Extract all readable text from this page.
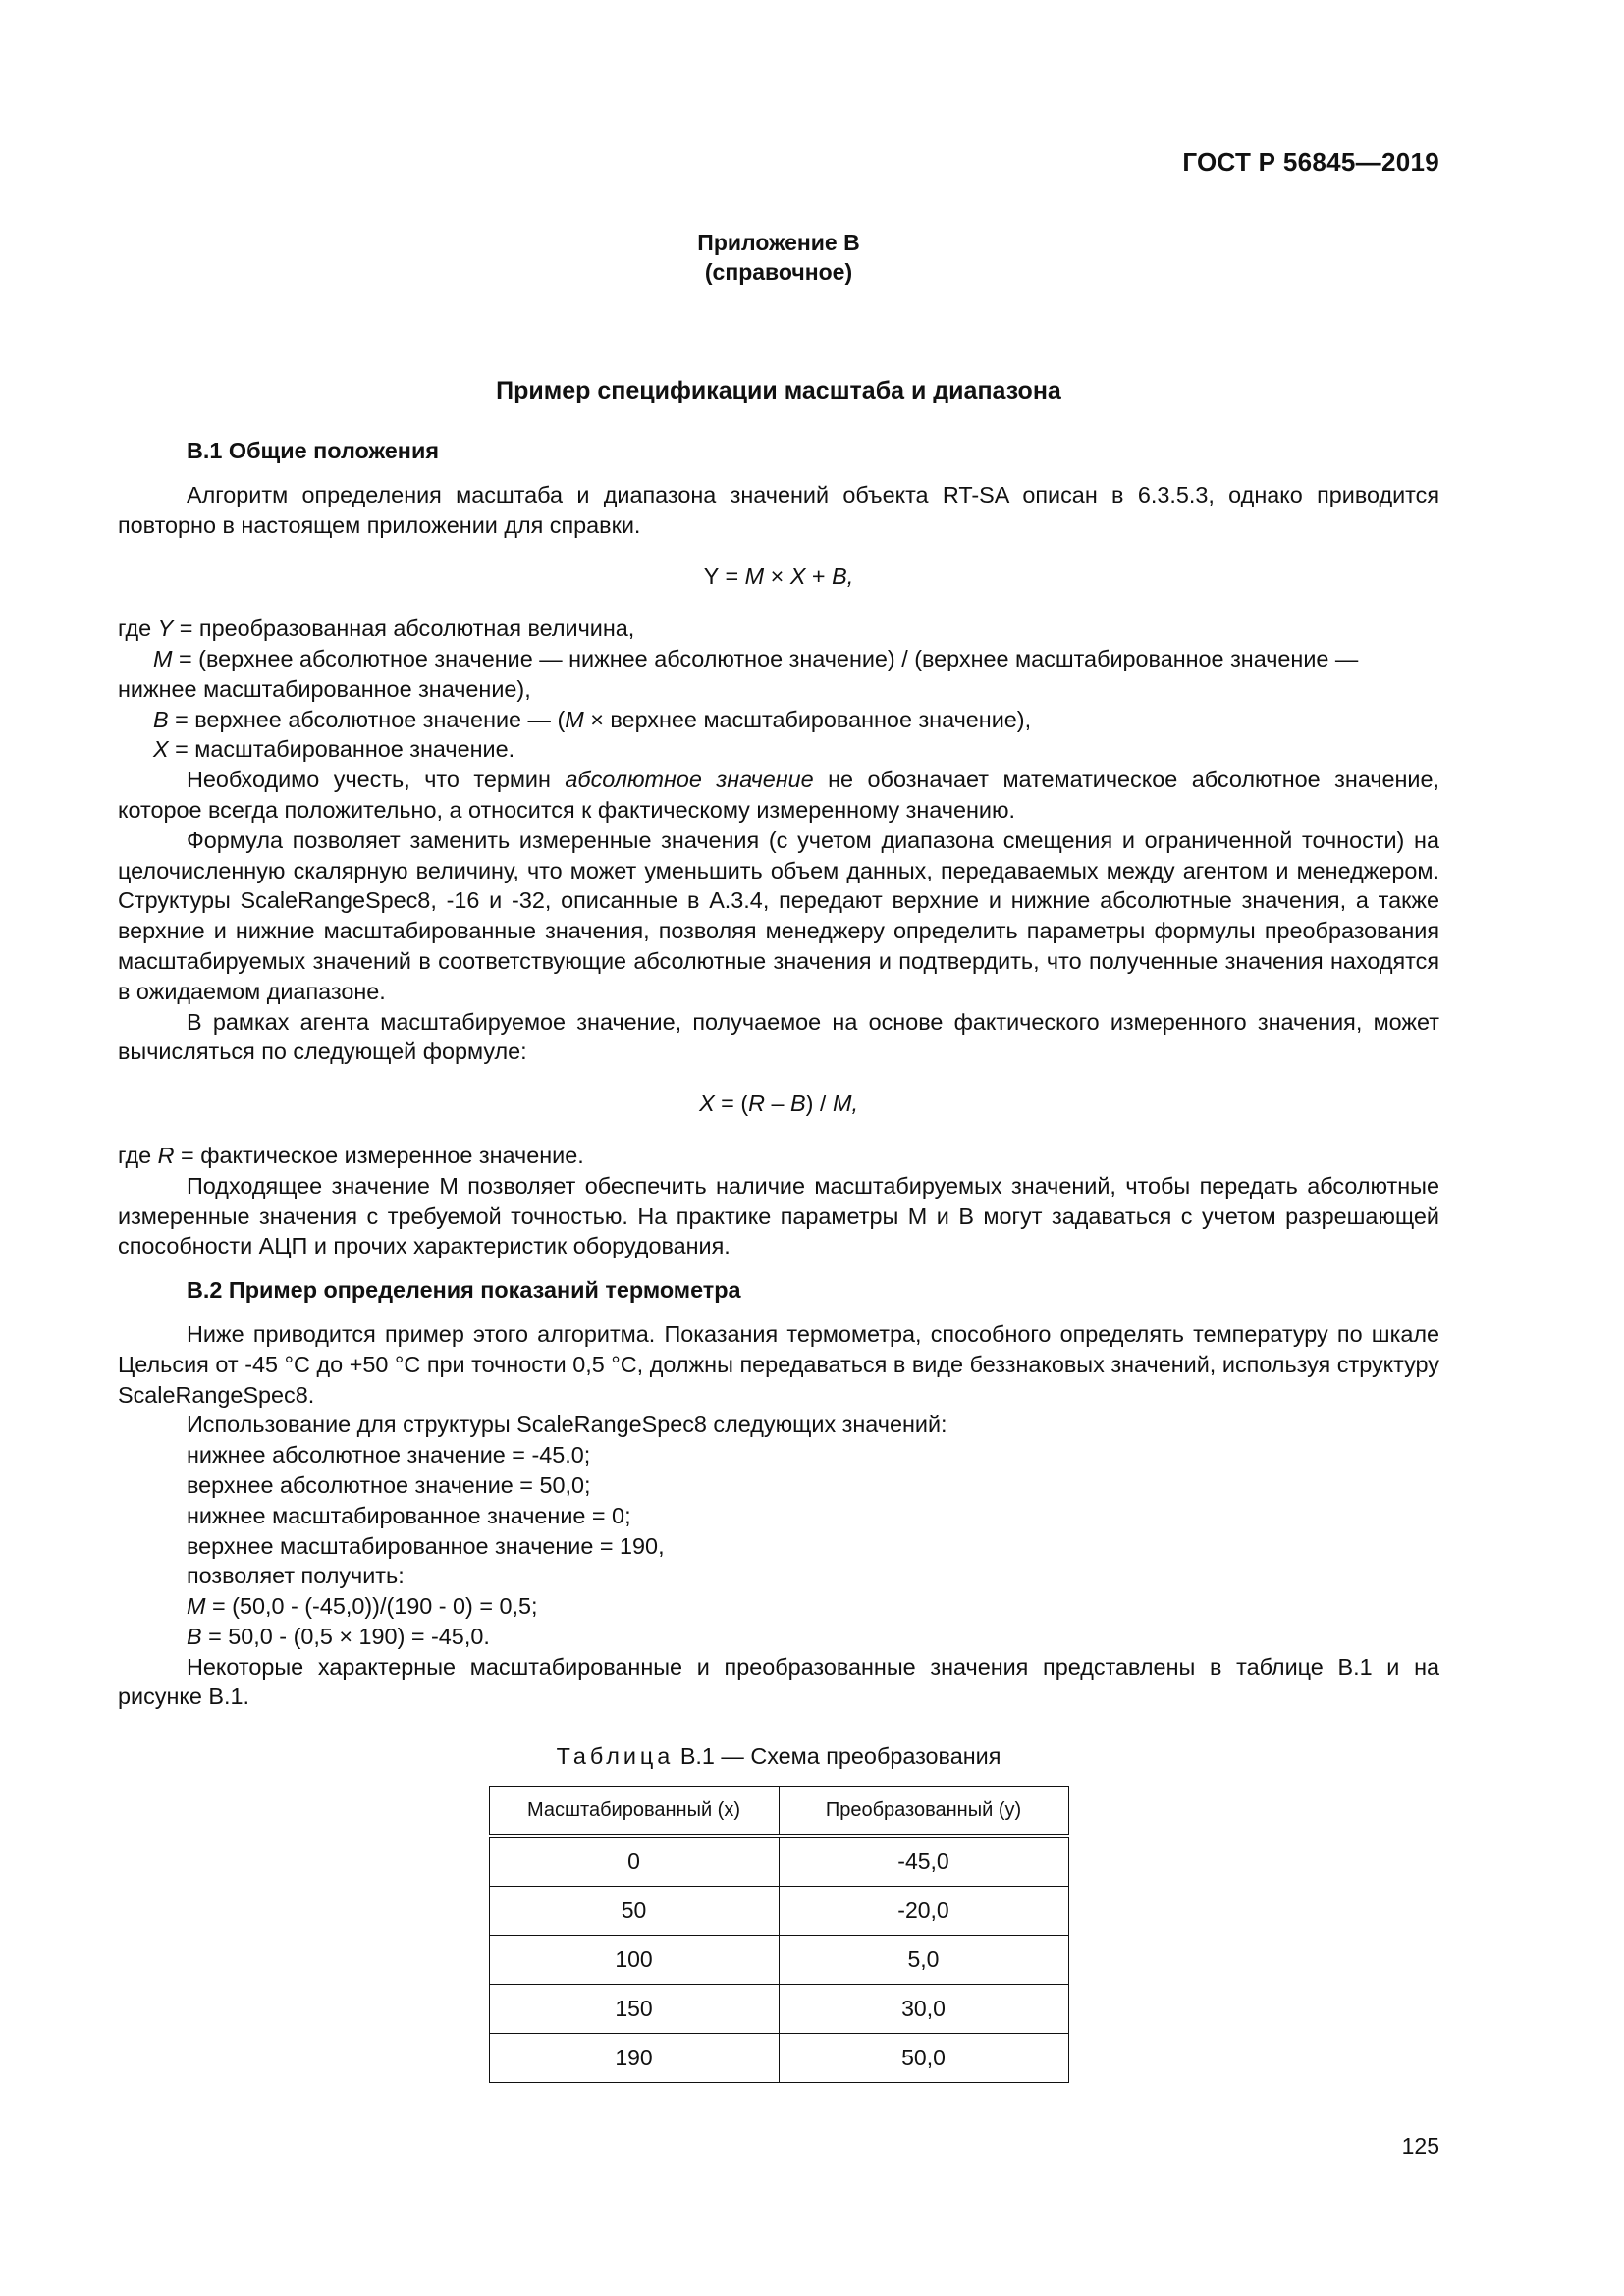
ГОСТ Р 56845—2019
Приложение В
(справочное)
Пример спецификации масштаба и диапазона

В.1 Общие положения

Алгоритм определения масштаба и диапазона значений объекта RT-SA описан в 6.3.5.3, однако приводится повторно в настоящем приложении для справки.

Y = M × X + B,

где Y = преобразованная абсолютная величина,

M = (верхнее абсолютное значение — нижнее абсолютное значение) / (верхнее масштабированное значение — нижнее масштабированное значение),

B = верхнее абсолютное значение — (M × верхнее масштабированное значение),

X = масштабированное значение.

Необходимо учесть, что термин абсолютное значение не обозначает математическое абсолютное значение, которое всегда положительно, а относится к фактическому измеренному значению.

Формула позволяет заменить измеренные значения (с учетом диапазона смещения и ограниченной точности) на целочисленную скалярную величину, что может уменьшить объем данных, передаваемых между агентом и менеджером. Структуры ScaleRangeSpec8, -16 и -32, описанные в А.3.4, передают верхние и нижние абсолютные значения, а также верхние и нижние масштабированные значения, позволяя менеджеру определить параметры формулы преобразования масштабируемых значений в соответствующие абсолютные значения и подтвердить, что полученные значения находятся в ожидаемом диапазоне.

В рамках агента масштабируемое значение, получаемое на основе фактического измеренного значения, может вычисляться по следующей формуле:

X = (R – B) / M,

где R = фактическое измеренное значение.

Подходящее значение М позволяет обеспечить наличие масштабируемых значений, чтобы передать абсолютные измеренные значения с требуемой точностью. На практике параметры М и В могут задаваться с учетом разрешающей способности АЦП и прочих характеристик оборудования.

В.2 Пример определения показаний термометра

Ниже приводится пример этого алгоритма. Показания термометра, способного определять температуру по шкале Цельсия от -45 °С до +50 °С при точности 0,5 °С, должны передаваться в виде беззнаковых значений, используя структуру ScaleRangeSpec8.

Использование для структуры ScaleRangeSpec8 следующих значений:

нижнее абсолютное значение = -45.0;

верхнее абсолютное значение = 50,0;

нижнее масштабированное значение = 0;

верхнее масштабированное значение = 190,

позволяет получить:

M = (50,0 - (-45,0))/(190 - 0) = 0,5;

B = 50,0 - (0,5 × 190) = -45,0.

Некоторые характерные масштабированные и преобразованные значения представлены в таблице В.1 и на рисунке В.1.

Таблица В.1 — Схема преобразования

Масштабированный (х)	Преобразованный (у)
0	-45,0
50	-20,0
100	5,0
150	30,0
190	50,0
125
